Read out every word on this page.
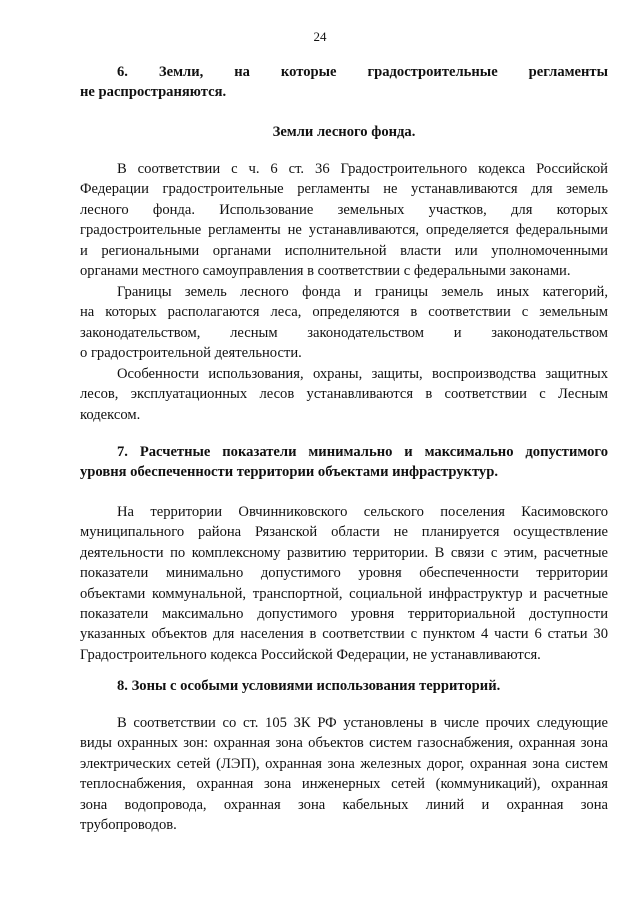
24

6. Земли, на которые градостроительные регламенты

не распространяются.

Земли лесного фонда.

В соответствии с ч. 6 ст. 36 Градостроительного кодекса Российской

Федерации градостроительные регламенты не устанавливаются для земель

лесного фонда. Использование земельных участков, для которых

градостроительные регламенты не устанавливаются, определяется федеральными

и региональными органами исполнительной власти или уполномоченными

органами местного самоуправления в соответствии с федеральными законами.

Границы земель лесного фонда и границы земель иных категорий,

на которых располагаются леса, определяются в соответствии с земельным

законодательством, лесным законодательством и законодательством

о градостроительной деятельности.

Особенности использования, охраны, защиты, воспроизводства защитных

лесов, эксплуатационных лесов устанавливаются в соответствии с Лесным

кодексом.

7. Расчетные показатели минимально и максимально допустимого

уровня обеспеченности территории объектами инфраструктур.

На территории Овчинниковского сельского поселения Касимовского

муниципального района Рязанской области не планируется осуществление

деятельности по комплексному развитию территории. В связи с этим, расчетные

показатели минимально допустимого уровня обеспеченности территории

объектами коммунальной, транспортной, социальной инфраструктур и расчетные

показатели максимально допустимого уровня территориальной доступности

указанных объектов для населения в соответствии с пунктом 4 части 6 статьи 30

Градостроительного кодекса Российской Федерации, не устанавливаются.

8. Зоны с особыми условиями использования территорий.

В соответствии со ст. 105 ЗК РФ установлены в числе прочих следующие

виды охранных зон: охранная зона объектов систем газоснабжения, охранная зона

электрических сетей (ЛЭП), охранная зона железных дорог, охранная зона систем

теплоснабжения, охранная зона инженерных сетей (коммуникаций), охранная

зона водопровода, охранная зона кабельных линий и охранная зона

трубопроводов.
